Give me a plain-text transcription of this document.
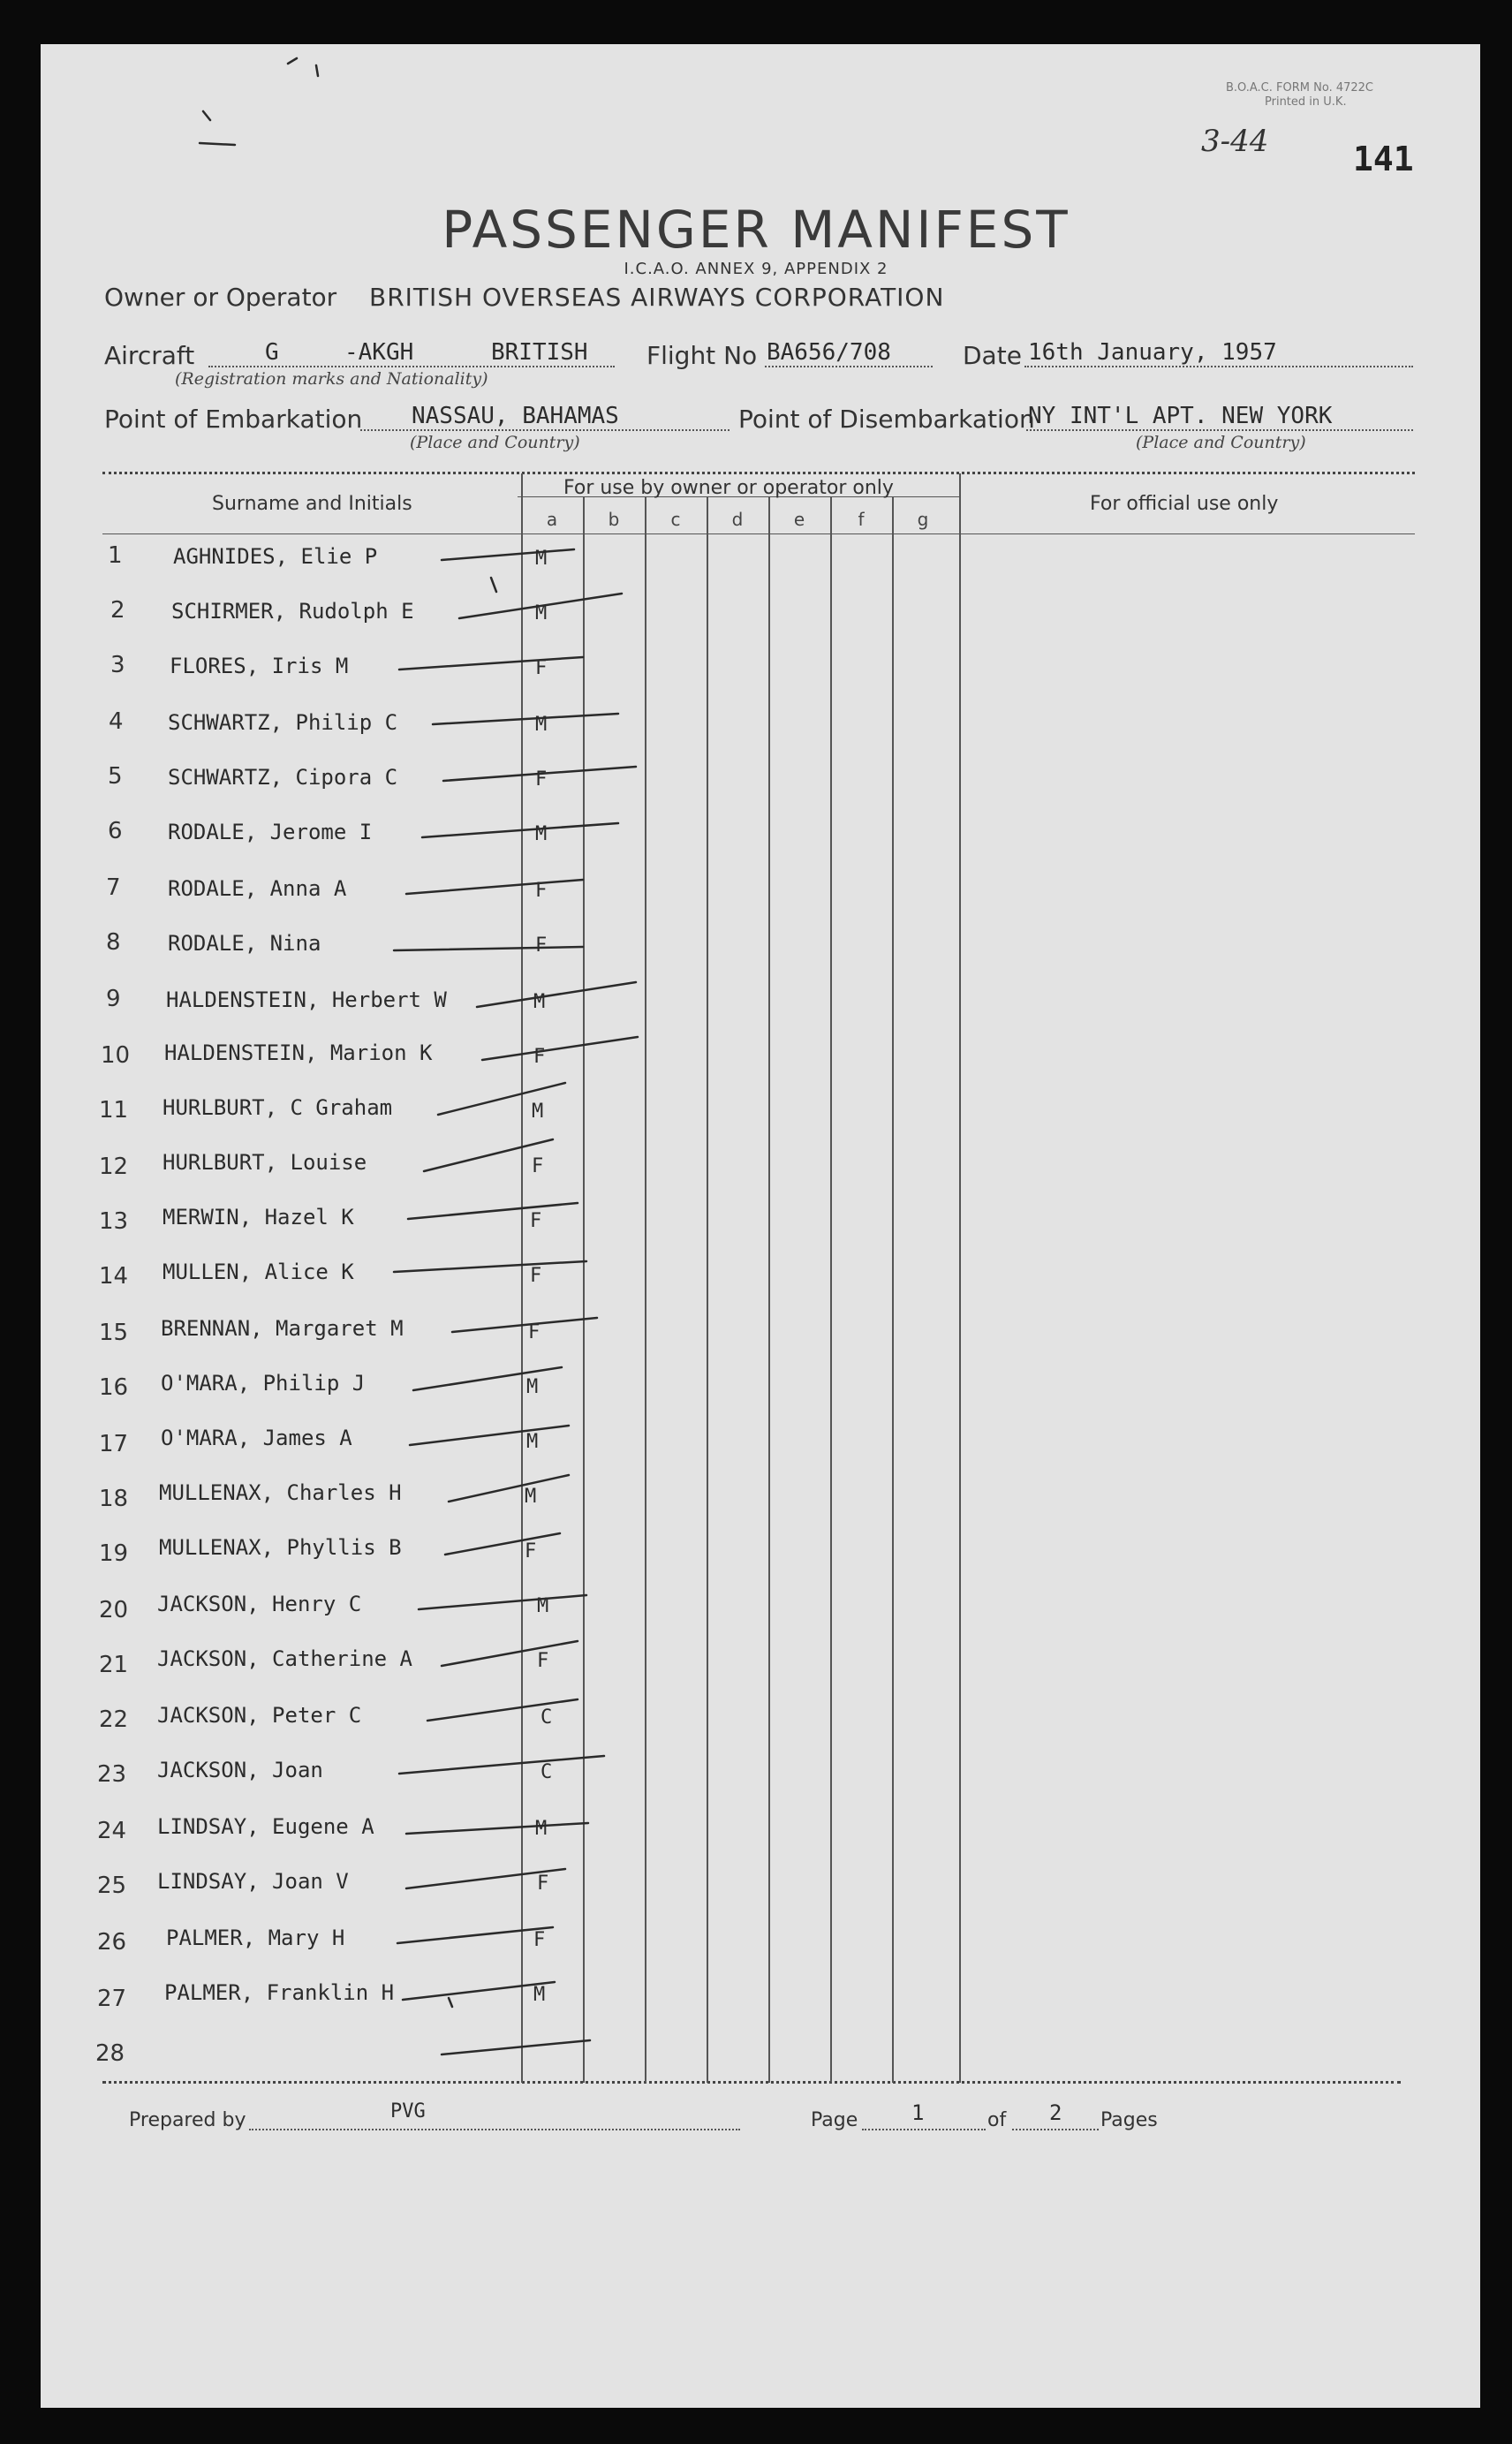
B.O.A.C. FORM No. 4722C
Printed in U.K.
3-44	141
PASSENGER MANIFEST
I.C.A.O. ANNEX 9, APPENDIX 2
Owner or Operator BRITISH OVERSEAS AIRWAYS CORPORATION
Aircraft	G	-AKGH	BRITISH
(Registration marks and Nationality)
Flight No BA656/708	Date 16th January, 1957
Point of Embarkation NASSAU, BAHAMAS
(Place and Country)
Point of Disembarkation
NY INT'L APT. NEW YORK
(Place and Country)
Surname and Initials
For use by owner or operator only
For official use only
a	b	c	d	e	f	g
1 AGHNIDES, Elie P	M
2 SCHIRMER, Rudolph E	M
3 FLORES, Iris M	F
4 SCHWARTZ, Philip C	M
5 SCHWARTZ, Cipora C	F
6 RODALE, Jerome I	M
7 RODALE, Anna A	F
8 RODALE, Nina	F
9 HALDENSTEIN, Herbert W	M
10 HALDENSTEIN, Marion K	F
11 HURLBURT, C Graham	M
12 HURLBURT, Louise	F
13 MERWIN, Hazel K	F
14 MULLEN, Alice K	F
15 BRENNAN, Margaret M	F
16 O'MARA, Philip J	M
17 O'MARA, James A	M
18 MULLENAX, Charles H	M
19 MULLENAX, Phyllis B	F
20 JACKSON, Henry C	M
21 JACKSON, Catherine A	F
22 JACKSON, Peter C	C
23 JACKSON, Joan	C
24 LINDSAY, Eugene A	M
25 LINDSAY, Joan V	F
26 PALMER, Mary H	F
27 PALMER, Franklin H	M
28
Prepared by	PVG	Page	1	of 2 Pages
